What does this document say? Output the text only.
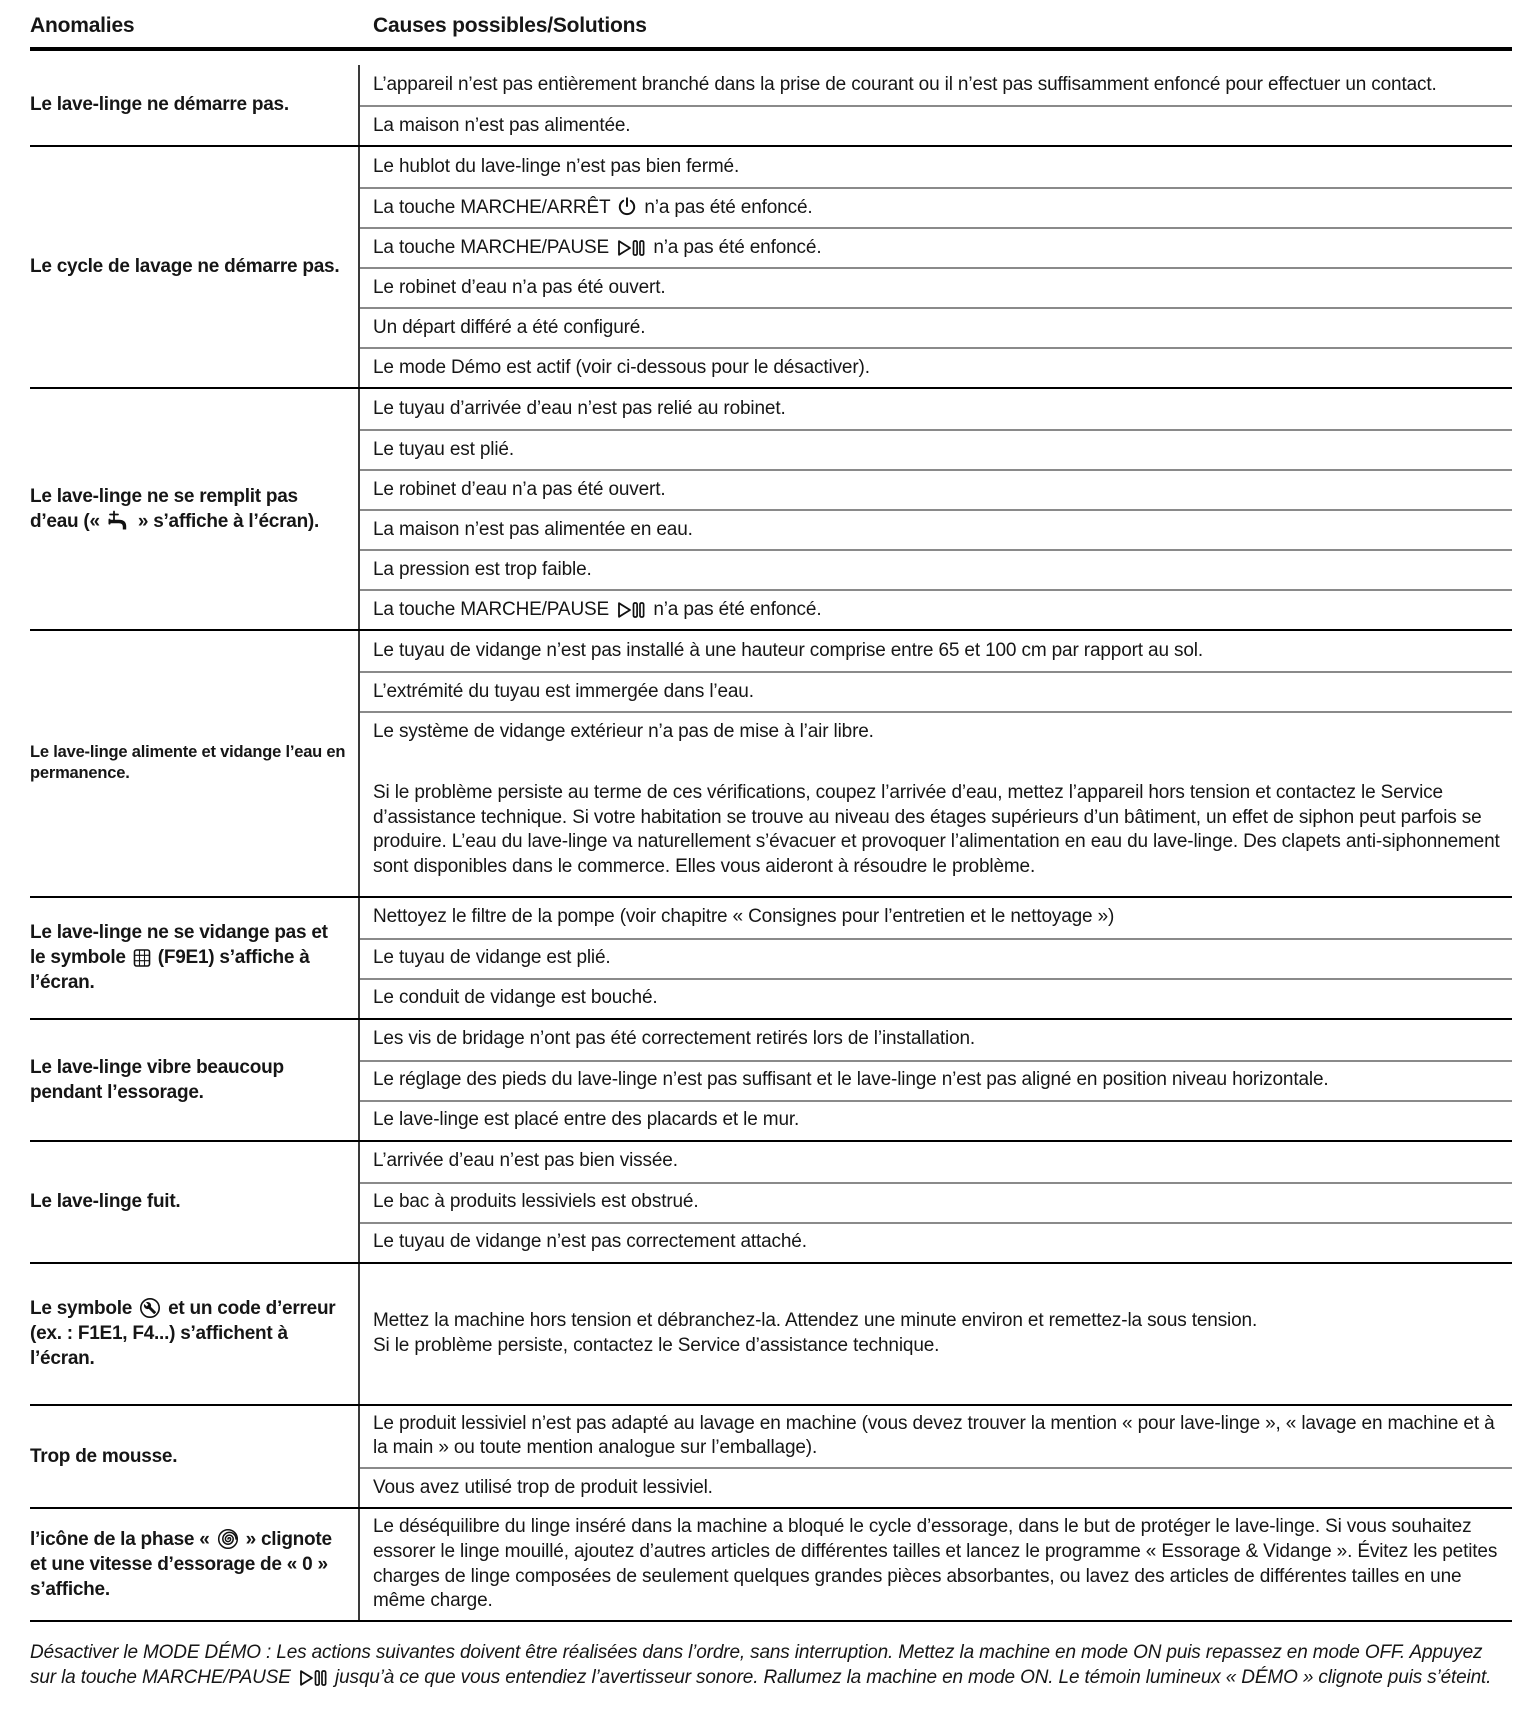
Anomalies	Causes possibles/Solutions
Le lave-linge ne démarre pas.
L’appareil n’est pas entièrement branché dans la prise de courant ou il n’est pas suffisamment enfoncé pour effectuer un contact.
La maison n’est pas alimentée.
Le cycle de lavage ne démarre pas.
Le hublot du lave-linge n’est pas bien fermé.
La touche MARCHE/ARRÊT  n’a pas été enfoncé.
La touche MARCHE/PAUSE  n’a pas été enfoncé.
Le robinet d’eau n’a pas été ouvert.
Un départ différé a été configuré.
Le mode Démo est actif (voir ci-dessous pour le désactiver).
Le lave-linge ne se remplit pas d’eau («  » s’affiche à l’écran).
Le tuyau d’arrivée d’eau n’est pas relié au robinet.
Le tuyau est plié.
Le robinet d’eau n’a pas été ouvert.
La maison n’est pas alimentée en eau.
La pression est trop faible.
La touche MARCHE/PAUSE  n’a pas été enfoncé.
Le lave-linge alimente et vidange l’eau en permanence.
Le tuyau de vidange n’est pas installé à une hauteur comprise entre 65 et 100 cm par rapport au sol.
L’extrémité du tuyau est immergée dans l’eau.
Le système de vidange extérieur n’a pas de mise à l’air libre.
Si le problème persiste au terme de ces vérifications, coupez l’arrivée d’eau, mettez l’appareil hors tension et contactez le Service d’assistance technique. Si votre habitation se trouve au niveau des étages supérieurs d’un bâtiment, un effet de siphon peut parfois se produire. L’eau du lave-linge va naturellement s’évacuer et provoquer l’alimentation en eau du lave-linge. Des clapets anti-siphonnement sont disponibles dans le commerce. Elles vous aideront à résoudre le problème.
Le lave-linge ne se vidange pas et le symbole  (F9E1) s’affiche à l’écran.
Nettoyez le filtre de la pompe (voir chapitre « Consignes pour l’entretien et le nettoyage »)
Le tuyau de vidange est plié.
Le conduit de vidange est bouché.
Le lave-linge vibre beaucoup pendant l’essorage.
Les vis de bridage n’ont pas été correctement retirés lors de l’installation.
Le réglage des pieds du lave-linge n’est pas suffisant et le lave-linge n’est pas aligné en position niveau horizontale.
Le lave-linge est placé entre des placards et le mur.
Le lave-linge fuit.
L’arrivée d’eau n’est pas bien vissée.
Le bac à produits lessiviels est obstrué.
Le tuyau de vidange n’est pas correctement attaché.
Le symbole  et un code d’erreur (ex. : F1E1, F4...) s’affichent à l’écran.
Mettez la machine hors tension et débranchez-la. Attendez une minute environ et remettez-la sous tension.
Si le problème persiste, contactez le Service d’assistance technique.
Trop de mousse.
Le produit lessiviel n’est pas adapté au lavage en machine (vous devez trouver la mention « pour lave-linge », « lavage en machine et à la main » ou toute mention analogue sur l’emballage).
Vous avez utilisé trop de produit lessiviel.
l’icône de la phase «  » clignote et une vitesse d’essorage de « 0 » s’affiche.
Le déséquilibre du linge inséré dans la machine a bloqué le cycle d’essorage, dans le but de protéger le lave-linge. Si vous souhaitez essorer le linge mouillé, ajoutez d’autres articles de différentes tailles et lancez le programme « Essorage & Vidange ». Évitez les petites charges de linge composées de seulement quelques grandes pièces absorbantes, ou lavez des articles de différentes tailles en une même charge.
Désactiver le MODE DÉMO : Les actions suivantes doivent être réalisées dans l’ordre, sans interruption. Mettez la machine en mode ON puis repassez en mode OFF. Appuyez sur la touche MARCHE/PAUSE  jusqu’à ce que vous entendiez l’avertisseur sonore. Rallumez la machine en mode ON. Le témoin lumineux « DÉMO » clignote puis s’éteint.
